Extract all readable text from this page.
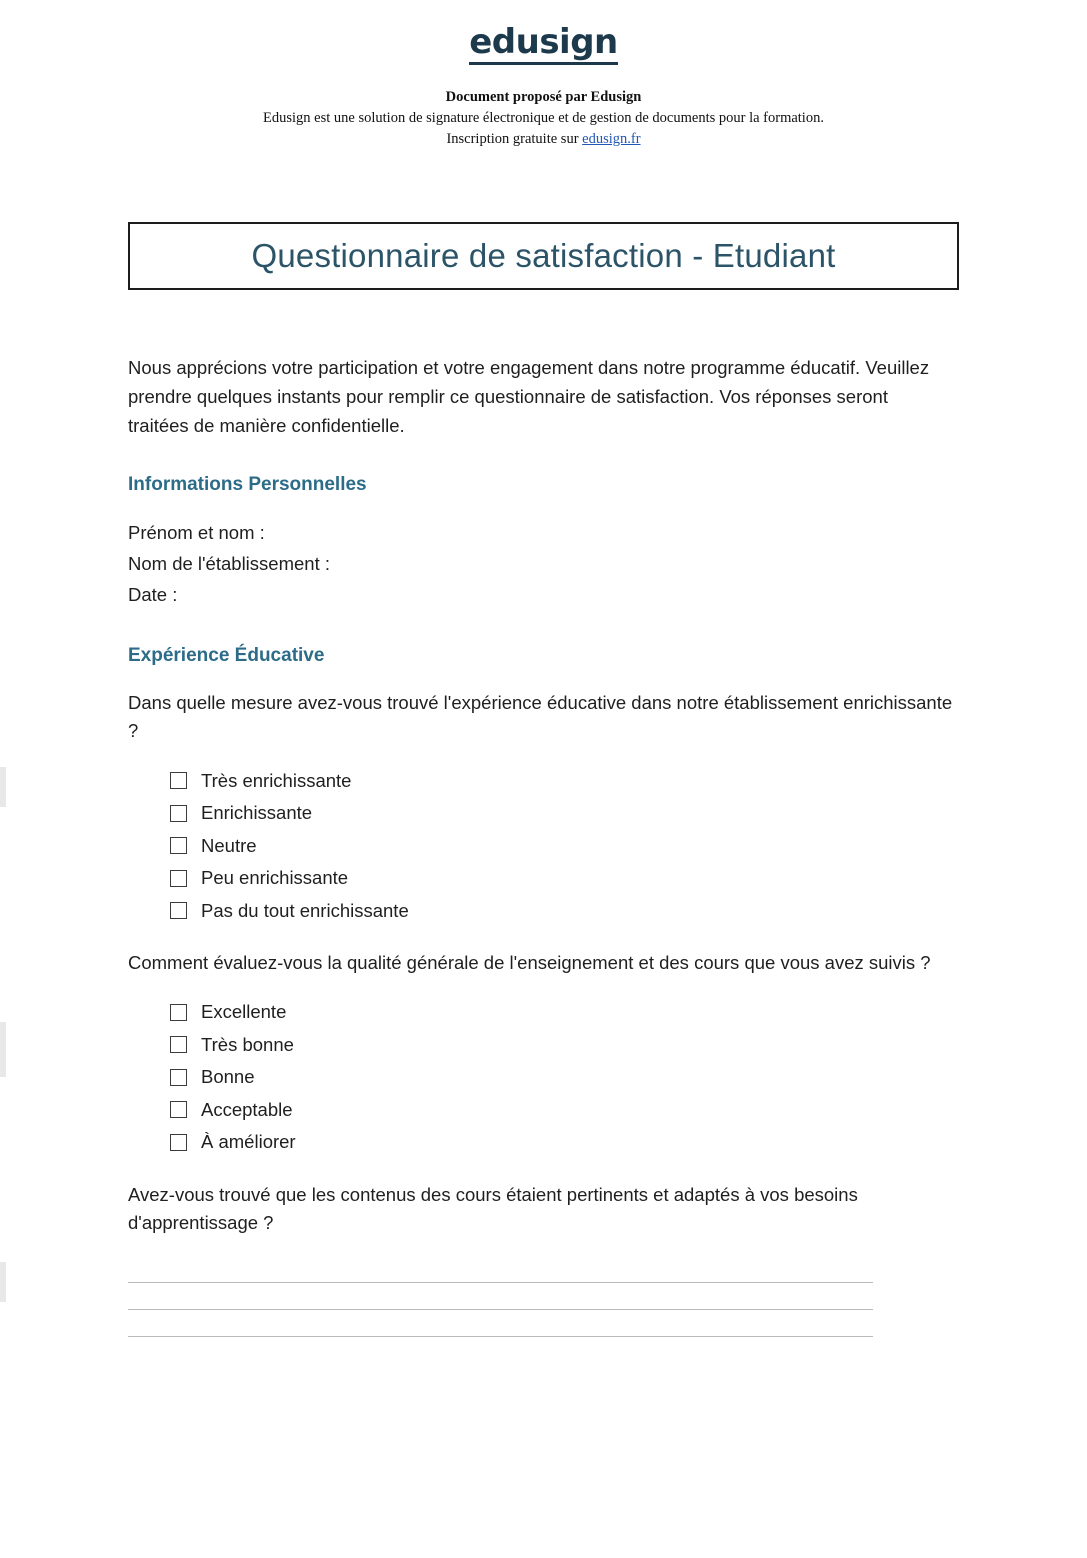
edusign
Document proposé par Edusign
Edusign est une solution de signature électronique et de gestion de documents pour la formation.
Inscription gratuite sur edusign.fr
Questionnaire de satisfaction - Etudiant

Nous apprécions votre participation et votre engagement dans notre programme éducatif. Veuillez prendre quelques instants pour remplir ce questionnaire de satisfaction. Vos réponses seront traitées de manière confidentielle.

Informations Personnelles
Prénom et nom :
Nom de l'établissement :
Date :
Expérience Éducative

Dans quelle mesure avez-vous trouvé l'expérience éducative dans notre établissement enrichissante ?

Très enrichissante
Enrichissante
Neutre
Peu enrichissante
Pas du tout enrichissante

Comment évaluez-vous la qualité générale de l'enseignement et des cours que vous avez suivis ?

Excellente
Très bonne
Bonne
Acceptable
À améliorer

Avez-vous trouvé que les contenus des cours étaient pertinents et adaptés à vos besoins d'apprentissage ?
